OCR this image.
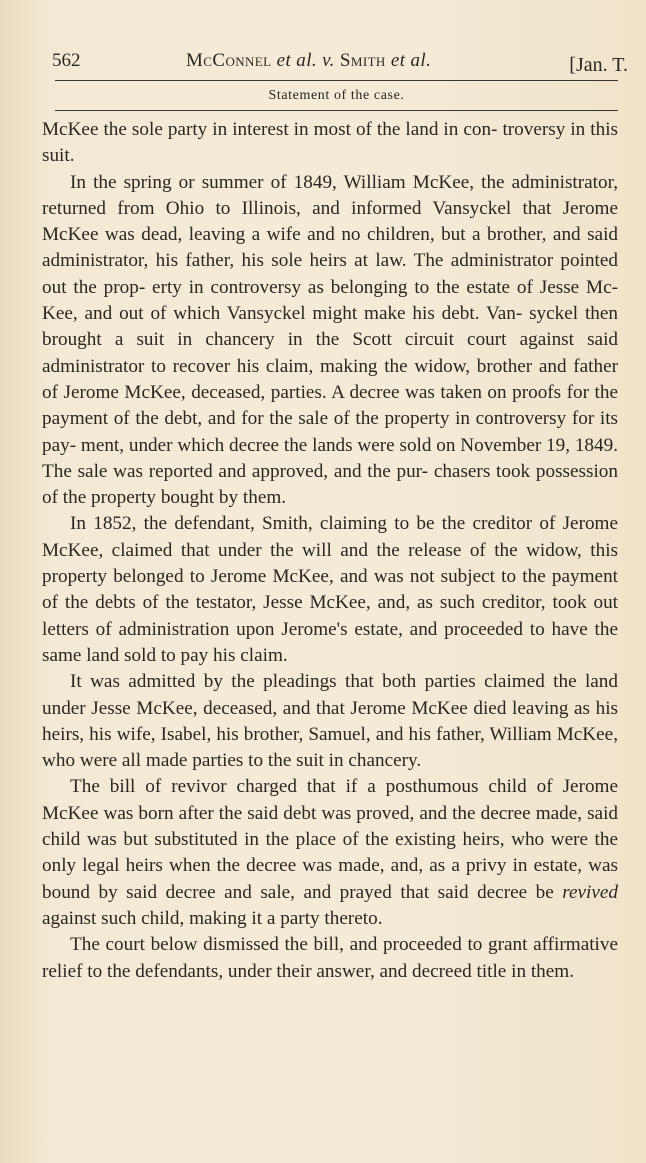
562	McConnel et al. v. Smith et al.	[Jan. T.
Statement of the case.

McKee the sole party in interest in most of the land in con- troversy in this suit.

In the spring or summer of 1849, William McKee, the administrator, returned from Ohio to Illinois, and informed Vansyckel that Jerome McKee was dead, leaving a wife and no children, but a brother, and said administrator, his father, his sole heirs at law. The administrator pointed out the prop- erty in controversy as belonging to the estate of Jesse Mc- Kee, and out of which Vansyckel might make his debt. Van- syckel then brought a suit in chancery in the Scott circuit court against said administrator to recover his claim, making the widow, brother and father of Jerome McKee, deceased, parties. A decree was taken on proofs for the payment of the debt, and for the sale of the property in controversy for its pay- ment, under which decree the lands were sold on November 19, 1849. The sale was reported and approved, and the pur- chasers took possession of the property bought by them.

In 1852, the defendant, Smith, claiming to be the creditor of Jerome McKee, claimed that under the will and the release of the widow, this property belonged to Jerome McKee, and was not subject to the payment of the debts of the testator, Jesse McKee, and, as such creditor, took out letters of administration upon Jerome's estate, and proceeded to have the same land sold to pay his claim.

It was admitted by the pleadings that both parties claimed the land under Jesse McKee, deceased, and that Jerome McKee died leaving as his heirs, his wife, Isabel, his brother, Samuel, and his father, William McKee, who were all made parties to the suit in chancery.

The bill of revivor charged that if a posthumous child of Jerome McKee was born after the said debt was proved, and the decree made, said child was but substituted in the place of the existing heirs, who were the only legal heirs when the decree was made, and, as a privy in estate, was bound by said decree and sale, and prayed that said decree be revived against such child, making it a party thereto.

The court below dismissed the bill, and proceeded to grant affirmative relief to the defendants, under their answer, and decreed title in them.
